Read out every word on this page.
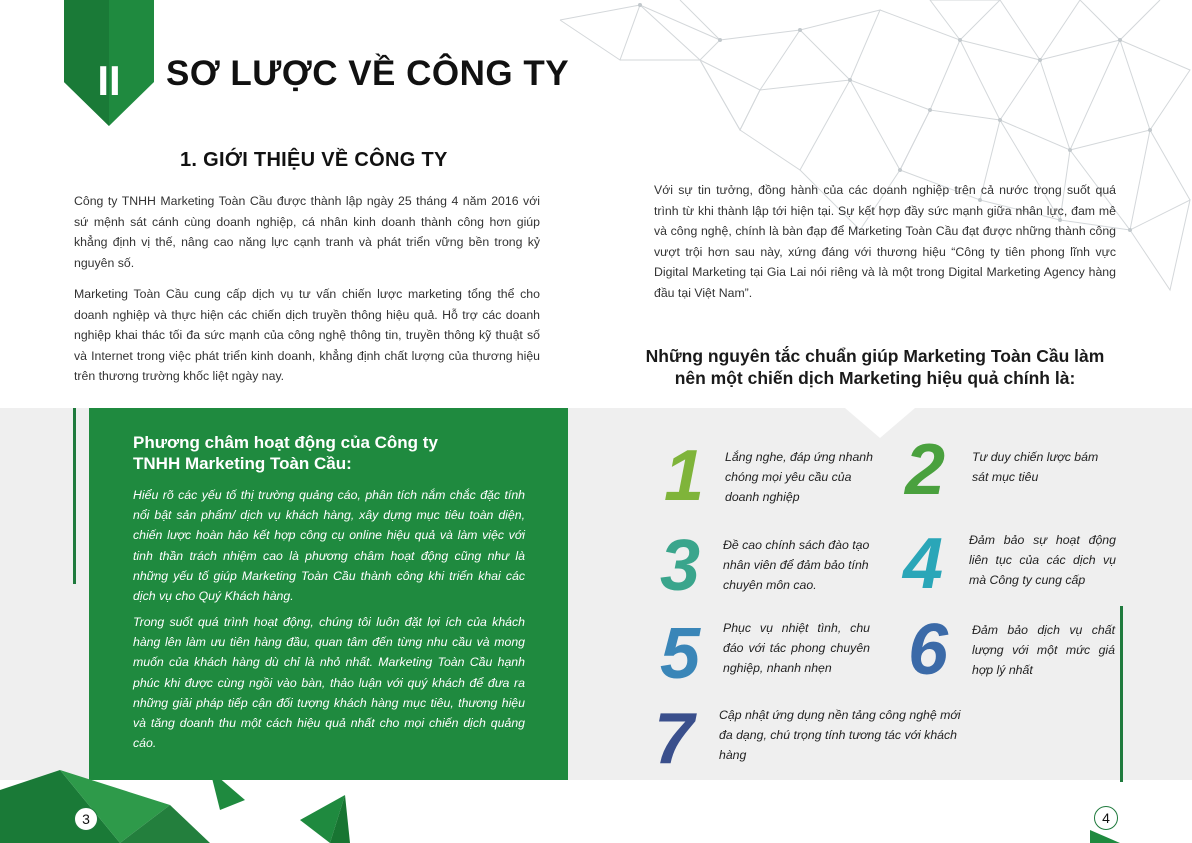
II	SƠ LƯỢC VỀ CÔNG TY
1. GIỚI THIỆU VỀ CÔNG TY
Công ty TNHH Marketing Toàn Cầu được thành lập ngày 25 tháng 4 năm 2016 với sứ mệnh sát cánh cùng doanh nghiệp, cá nhân kinh doanh thành công hơn giúp khẳng định vị thế, nâng cao năng lực cạnh tranh và phát triển vững bền trong kỷ nguyên số.
Marketing Toàn Cầu cung cấp dịch vụ tư vấn chiến lược marketing tổng thể cho doanh nghiệp và thực hiện các chiến dịch truyền thông hiệu quả. Hỗ trợ các doanh nghiệp khai thác tối đa sức mạnh của công nghệ thông tin, truyền thông kỹ thuật số và Internet trong việc phát triển kinh doanh, khẳng định chất lượng của thương hiệu trên thương trường khốc liệt ngày nay.
Với sự tin tưởng, đồng hành của các doanh nghiệp trên cả nước trong suốt quá trình từ khi thành lập tới hiện tại. Sự kết hợp đầy sức mạnh giữa nhân lực, đam mê và công nghệ, chính là bàn đạp để Marketing Toàn Cầu đạt được những thành công vượt trội hơn sau này, xứng đáng với thương hiệu “Công ty tiên phong lĩnh vực Digital Marketing tại Gia Lai nói riêng và là một trong Digital Marketing Agency hàng đầu tại Việt Nam”.
Những nguyên tắc chuẩn giúp Marketing Toàn Cầu làm
nên một chiến dịch Marketing hiệu quả chính là:
Phương châm hoạt động của Công ty
TNHH Marketing Toàn Cầu:
Hiểu rõ các yếu tố thị trường quảng cáo, phân tích nắm chắc đặc tính nổi bật sản phẩm/ dịch vụ khách hàng, xây dựng mục tiêu toàn diện, chiến lược hoàn hảo kết hợp công cụ online hiệu quả và làm việc với tinh thần trách nhiệm cao là phương châm hoạt động cũng như là những yếu tố giúp Marketing Toàn Cầu thành công khi triển khai các dịch vụ cho Quý Khách hàng.
Trong suốt quá trình hoạt động, chúng tôi luôn đặt lợi ích của khách hàng lên làm ưu tiên hàng đầu, quan tâm đến từng nhu cầu và mong muốn của khách hàng dù chỉ là nhỏ nhất. Marketing Toàn Cầu hạnh phúc khi được cùng ngồi vào bàn, thảo luận với quý khách để đưa ra những giải pháp tiếp cận đối tượng khách hàng mục tiêu, thương hiệu và tăng doanh thu một cách hiệu quả nhất cho mọi chiến dịch quảng cáo.
1 Lắng nghe, đáp ứng nhanh chóng mọi yêu cầu của doanh nghiệp	2 Tư duy chiến lược bám sát mục tiêu
3 Đề cao chính sách đào tạo nhân viên để đảm bảo tính chuyên môn cao.	4 Đảm bảo sự hoạt động liên tục của các dịch vụ mà Công ty cung cấp
5 Phục vụ nhiệt tình, chu đáo với tác phong chuyên nghiệp, nhanh nhẹn	6 Đảm bảo dịch vụ chất lượng với một mức giá hợp lý nhất
7 Cập nhật ứng dụng nền tảng công nghệ mới đa dạng, chú trọng tính tương tác với khách hàng
3	4
